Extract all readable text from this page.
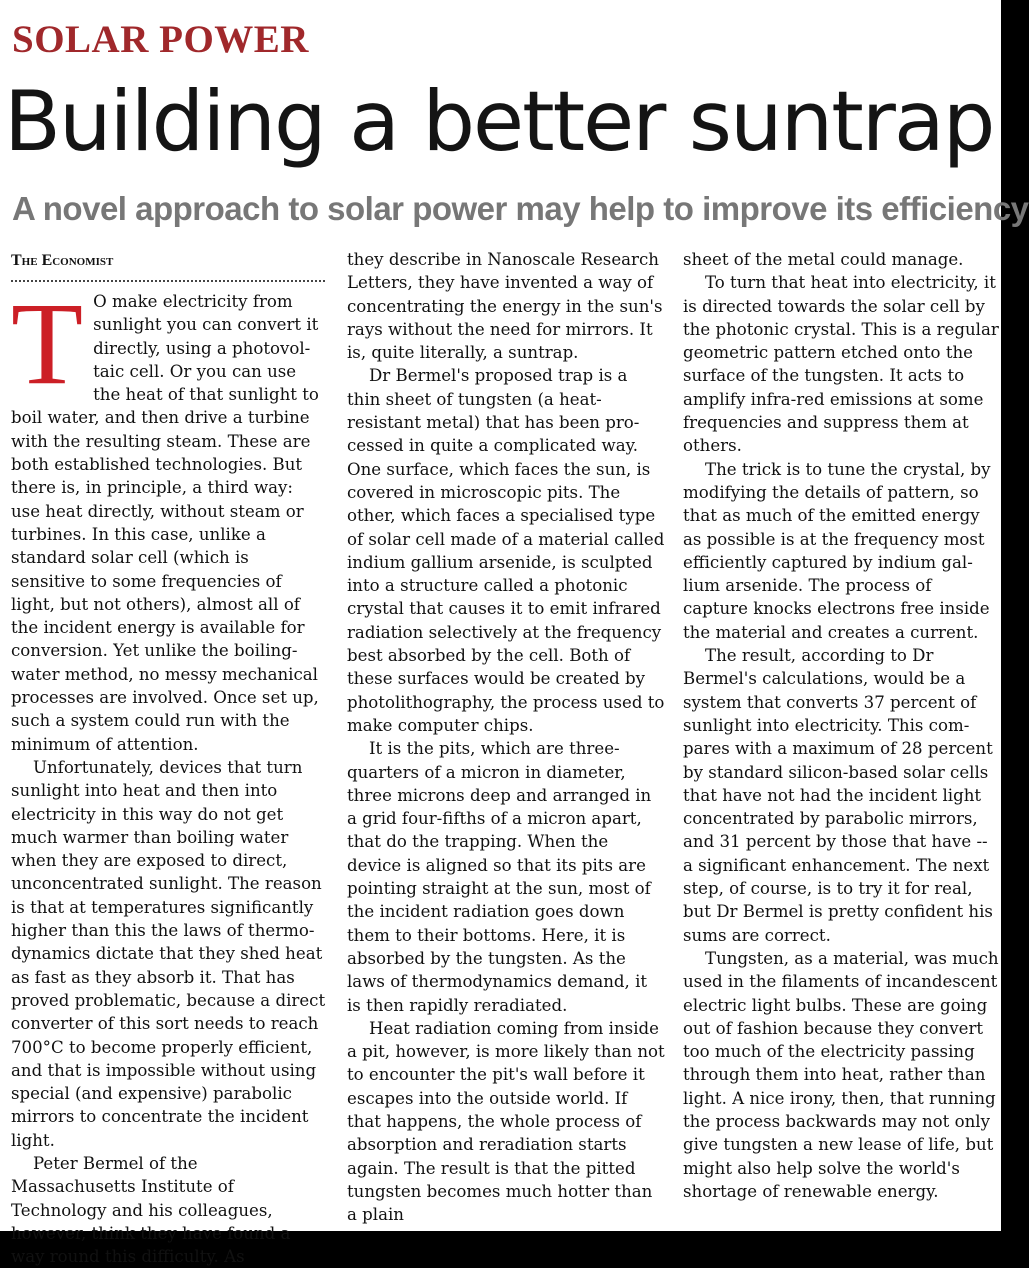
SOLAR POWER
Building a better suntrap
A novel approach to solar power may help to improve its efficiency
The Economist
T O make electricity from sunlight you can convert it directly, using a photovoltaic cell. Or you can use the heat of that sunlight to boil water, and then drive a turbine with the resulting steam. These are both established technologies. But there is, in principle, a third way: use heat directly, without steam or turbines. In this case, unlike a standard solar cell (which is sensitive to some frequencies of light, but not others), almost all of the incident energy is available for conversion. Yet unlike the boiling-water method, no messy mechanical processes are involved. Once set up, such a system could run with the minimum of attention.

Unfortunately, devices that turn sunlight into heat and then into electricity in this way do not get much warmer than boiling water when they are exposed to direct, unconcentrated sunlight. The reason is that at temperatures significantly higher than this the laws of thermodynamics dictate that they shed heat as fast as they absorb it. That has proved problematic, because a direct converter of this sort needs to reach 700°C to become properly efficient, and that is impossible without using special (and expensive) parabolic mirrors to concentrate the incident light.

Peter Bermel of the Massachusetts Institute of Technology and his colleagues, however, think they have found a way round this difficulty. As

they describe in Nanoscale Research Letters, they have invented a way of concentrating the energy in the sun's rays without the need for mirrors. It is, quite literally, a suntrap.

Dr Bermel's proposed trap is a thin sheet of tungsten (a heat-resistant metal) that has been processed in quite a complicated way. One surface, which faces the sun, is covered in microscopic pits. The other, which faces a specialised type of solar cell made of a material called indium gallium arsenide, is sculpted into a structure called a photonic crystal that causes it to emit infrared radiation selectively at the frequency best absorbed by the cell. Both of these surfaces would be created by photolithography, the process used to make computer chips.

It is the pits, which are three-quarters of a micron in diameter, three microns deep and arranged in a grid four-fifths of a micron apart, that do the trapping. When the device is aligned so that its pits are pointing straight at the sun, most of the incident radiation goes down them to their bottoms. Here, it is absorbed by the tungsten. As the laws of thermodynamics demand, it is then rapidly reradiated.

Heat radiation coming from inside a pit, however, is more likely than not to encounter the pit's wall before it escapes into the outside world. If that happens, the whole process of absorption and reradiation starts again. The result is that the pitted tungsten becomes much hotter than a plain

sheet of the metal could manage.

To turn that heat into electricity, it is directed towards the solar cell by the photonic crystal. This is a regular geometric pattern etched onto the surface of the tungsten. It acts to amplify infra-red emissions at some frequencies and suppress them at others.

The trick is to tune the crystal, by modifying the details of pattern, so that as much of the emitted energy as possible is at the frequency most efficiently captured by indium gallium arsenide. The process of capture knocks electrons free inside the material and creates a current.

The result, according to Dr Bermel's calculations, would be a system that converts 37 percent of sunlight into electricity. This compares with a maximum of 28 percent by standard silicon-based solar cells that have not had the incident light concentrated by parabolic mirrors, and 31 percent by those that have -- a significant enhancement. The next step, of course, is to try it for real, but Dr Bermel is pretty confident his sums are correct.

Tungsten, as a material, was much used in the filaments of incandescent electric light bulbs. These are going out of fashion because they convert too much of the electricity passing through them into heat, rather than light. A nice irony, then, that running the process backwards may not only give tungsten a new lease of life, but might also help solve the world's shortage of renewable energy.
